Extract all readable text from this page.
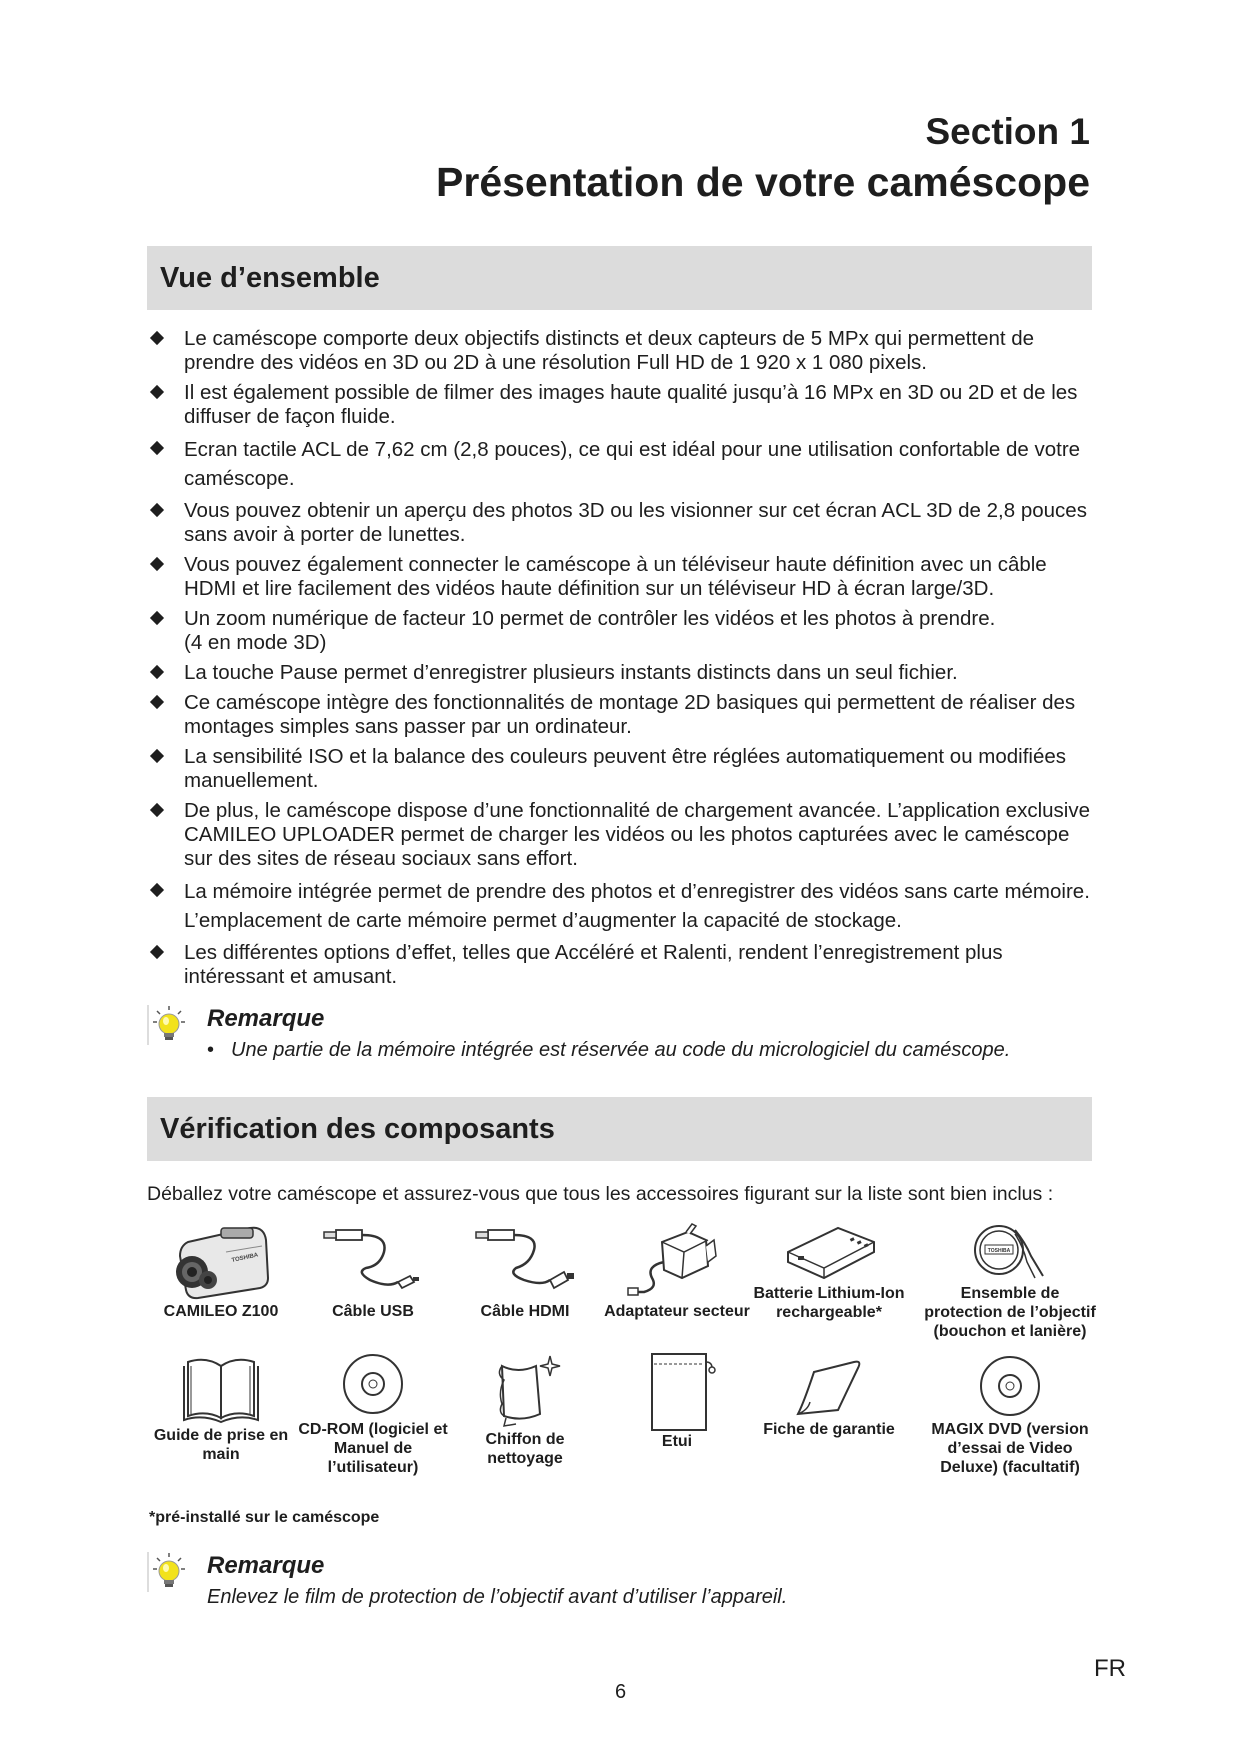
Section 1
Présentation de votre caméscope
Vue d’ensemble
Le caméscope comporte deux objectifs distincts et deux capteurs de 5 MPx qui permettent de prendre des vidéos en 3D ou 2D à une résolution Full HD de 1 920 x 1 080 pixels.
Il est également possible de filmer des images haute qualité jusqu’à 16 MPx en 3D ou 2D et de les diffuser de façon fluide.
Ecran tactile ACL de 7,62 cm (2,8 pouces), ce qui est idéal pour une utilisation confortable de votre caméscope.
Vous pouvez obtenir un aperçu des photos 3D ou les visionner sur cet écran ACL 3D de 2,8 pouces sans avoir à porter de lunettes.
Vous pouvez également connecter le caméscope à un téléviseur haute définition avec un câble HDMI et lire facilement des vidéos haute définition sur un téléviseur HD à écran large/3D.
Un zoom numérique de facteur 10 permet de contrôler les vidéos et les photos à prendre.
(4 en mode 3D)
La touche Pause permet d’enregistrer plusieurs instants distincts dans un seul fichier.
Ce caméscope intègre des fonctionnalités de montage 2D basiques qui permettent de réaliser des montages simples sans passer par un ordinateur.
La sensibilité ISO et la balance des couleurs peuvent être réglées automatiquement ou modifiées manuellement.
De plus, le caméscope dispose d’une fonctionnalité de chargement avancée. L’application exclusive CAMILEO UPLOADER permet de charger les vidéos ou les photos capturées avec le caméscope sur des sites de réseau sociaux sans effort.
La mémoire intégrée permet de prendre des photos et d’enregistrer des vidéos sans carte mémoire. L’emplacement de carte mémoire permet d’augmenter la capacité de stockage.
Les différentes options d’effet, telles que Accéléré et Ralenti, rendent l’enregistrement plus intéressant et amusant.
Remarque
• Une partie de la mémoire intégrée est réservée au code du micrologiciel du caméscope.
Vérification des composants
Déballez votre caméscope et assurez-vous que tous les accessoires figurant sur la liste sont bien inclus :
TOSHIBA
CAMILEO Z100	Câble USB	Câble HDMI	Adaptateur secteur
Batterie Lithium-Ion rechargeable*
TOSHIBA
Ensemble de protection de l’objectif (bouchon et lanière)
Guide de prise en main
CD-ROM (logiciel et Manuel de l’utilisateur)
Chiffon de nettoyage
Etui
Fiche de garantie	MAGIX DVD (version d’essai de Video Deluxe) (facultatif)
*pré-installé sur le caméscope
Remarque
Enlevez le film de protection de l’objectif avant d’utiliser l’appareil.
FR
6
